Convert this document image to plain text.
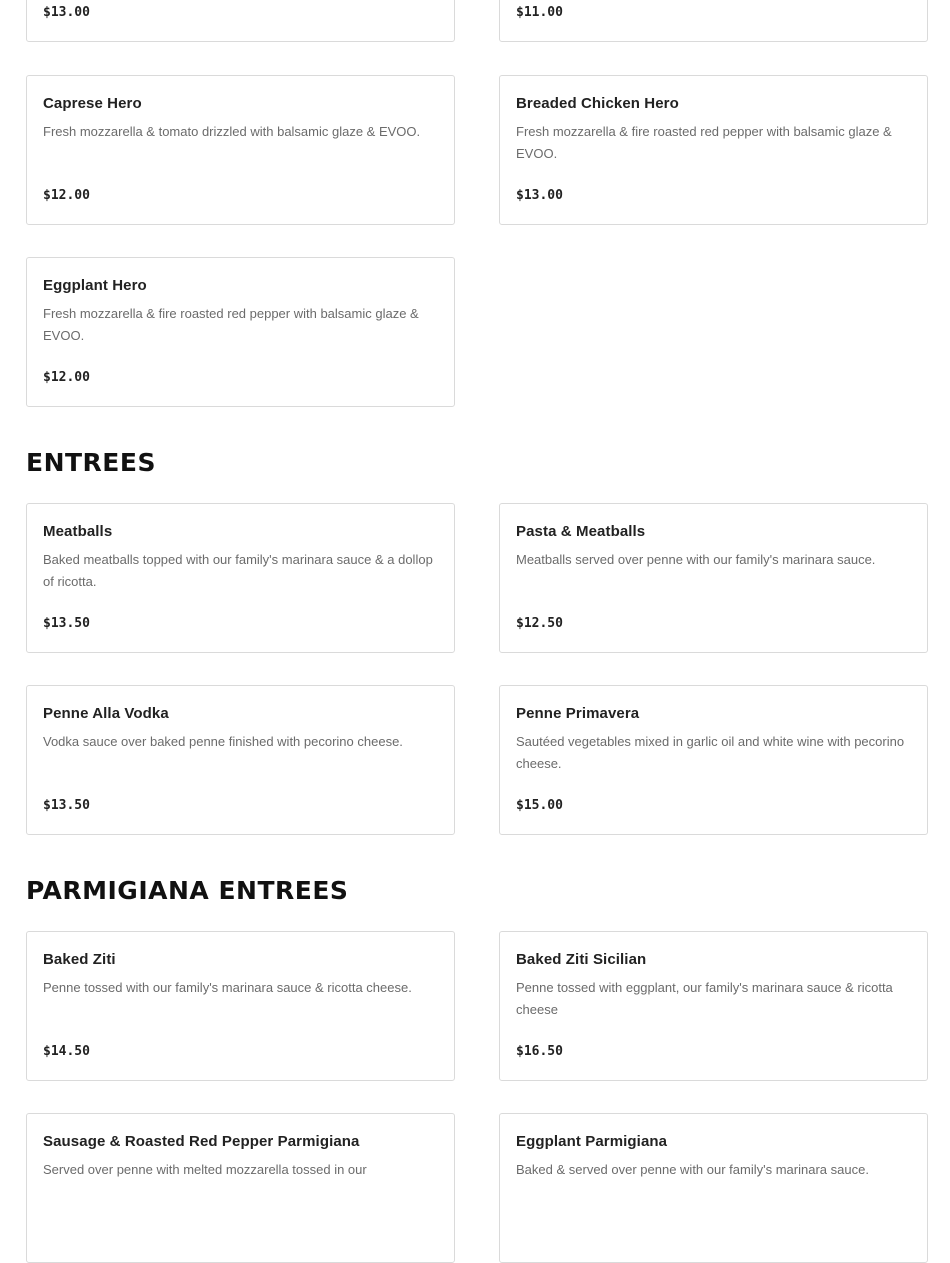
$13.00	$11.00
Caprese Hero
Fresh mozzarella & tomato drizzled with balsamic glaze & EVOO.
$12.00
Breaded Chicken Hero
Fresh mozzarella & fire roasted red pepper with balsamic glaze & EVOO.
$13.00
Eggplant Hero
Fresh mozzarella & fire roasted red pepper with balsamic glaze & EVOO.
$12.00
ENTREES
Meatballs
Baked meatballs topped with our family's marinara sauce & a dollop of ricotta.
$13.50
Pasta & Meatballs
Meatballs served over penne with our family's marinara sauce.
$12.50
Penne Alla Vodka
Vodka sauce over baked penne finished with pecorino cheese.
$13.50
Penne Primavera
Sautéed vegetables mixed in garlic oil and white wine with pecorino cheese.
$15.00
PARMIGIANA ENTREES
Baked Ziti
Penne tossed with our family's marinara sauce & ricotta cheese.
$14.50
Baked Ziti Sicilian
Penne tossed with eggplant, our family's marinara sauce & ricotta cheese
$16.50
Sausage & Roasted Red Pepper Parmigiana
Served over penne with melted mozzarella tossed in our
Eggplant Parmigiana
Baked & served over penne with our family's marinara sauce.
